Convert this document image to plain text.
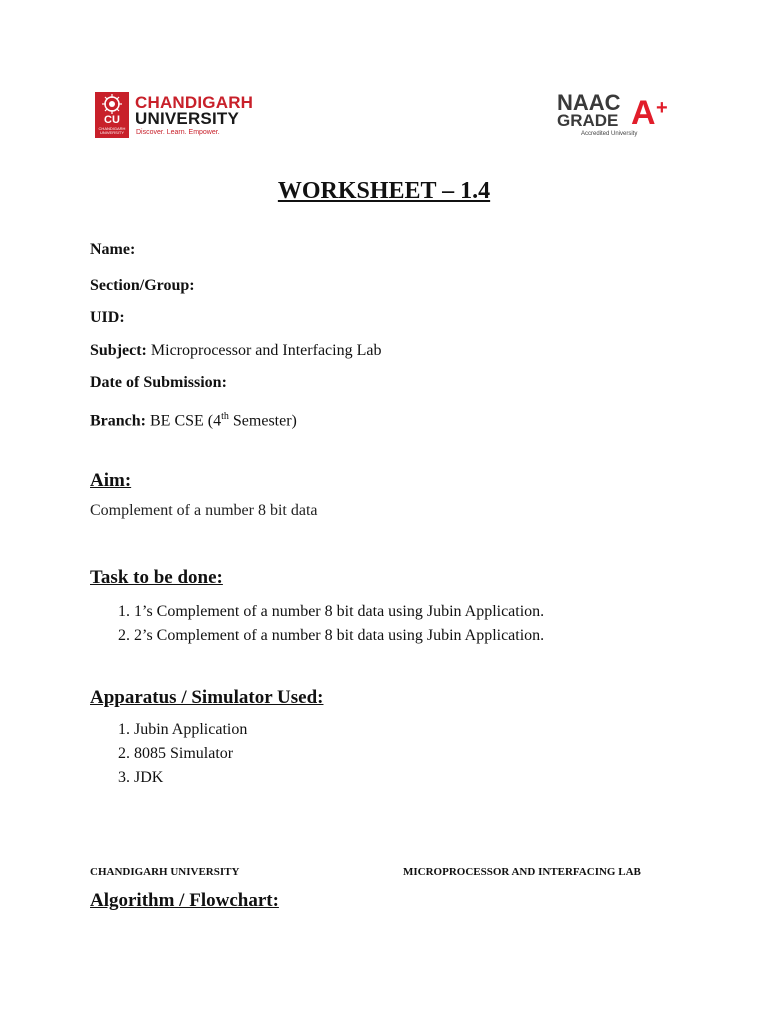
CU
CHANDIGARH UNIVERSITY
CHANDIGARH
UNIVERSITY
Discover. Learn. Empower.
NAAC
GRADE A +
Accredited University
WORKSHEET – 1.4
Name:
Section/Group:
UID:
Subject: Microprocessor and Interfacing Lab
Date of Submission:
Branch: BE CSE (4th Semester)
Aim:
Complement of a number 8 bit data
Task to be done:
1. 1’s Complement of a number 8 bit data using Jubin Application.
2. 2’s Complement of a number 8 bit data using Jubin Application.
Apparatus / Simulator Used:
1. Jubin Application
2. 8085 Simulator
3. JDK
CHANDIGARH UNIVERSITY	MICROPROCESSOR AND INTERFACING LAB
Algorithm / Flowchart:
